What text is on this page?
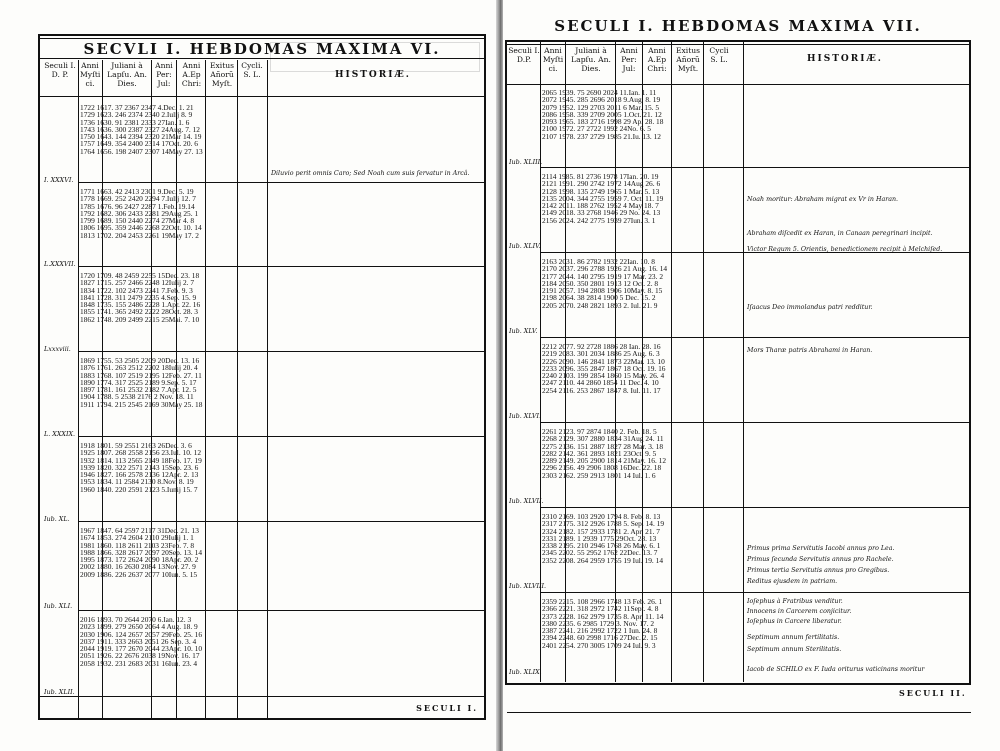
SECVLI I. HEBDOMAS MAXIMA VI.
Seculi I. D. P.
Anni Myſti ci.
Juliani à Lapſu. An. Dies.
Anni Per: Jul:
Anni A.Ep Chri:
Exitus Añorũ Myſt.
Cycli. S. L.	HISTORIÆ.
1722 1617. 37 2367 2347 4.Dec. 1. 21
1729 1623. 246 2374 2340 2.Iulij 8. 9
1736 1630. 91 2381 2333 27Ian. 1. 6
1743 1636. 300 2387 2327 24Aug. 7. 12
1750 1643. 144 2394 2320 21Mar 14. 19
1757 1649. 354 2400 2314 17Oct. 20. 6
1764 1656. 198 2407 2307 14May 27. 13
I. XXXVI.
Diluvio perit omnis Caro; Sed Noah cum suis ſervatur in Arcâ.
1771 1663. 42 2413 2301 9.Dec. 5. 19
1778 1669. 252 2420 2294 7.Iulij 12. 7
1785 1676. 96 2427 2287 1.Feb. 19.14
1792 1682. 306 2433 2281 29Aug 25. 1
1799 1689. 150 2440 2274 27Mar 4. 8
1806 1695. 359 2446 2268 22Oct. 10. 14
1813 1702. 204 2453 2261 19May 17. 2
L.XXXVII.
1720 1709. 48 2459 2255 15Dec. 23. 18
1827 1715. 257 2466 2248 12Iulij 2. 7
1834 1722. 102 2473 2241 7.Feb. 9. 3
1841 1728. 311 2479 2235 4.Sep. 15. 9
1848 1735. 155 2486 2228 1.Apr. 22. 16
1855 1741. 365 2492 2222 28Oct. 28. 3
1862 1748. 209 2499 2215 25Mai. 7. 10
Lxxxviii.
1869 1755. 53 2505 2209 20Dec. 13. 16
1876 1761. 263 2512 2202 18Iulij 20. 4
1883 1768. 107 2519 2195 12Feb. 27. 11
1890 1774. 317 2525 2189 9.Sep. 5. 17
1897 1781. 161 2532 2182 7.Apr. 12. 5
1904 1788. 5 2538 2176 2 Nov. 18. 11
1911 1794. 215 2545 2169 30May 25. 18
L. XXXIX.
1918 1801. 59 2551 2163 26Dec. 3. 6
1925 1807. 268 2558 2156 23.Iul. 10. 12
1932 1814. 113 2565 2149 18Feb. 17. 19
1939 1820. 322 2571 2143 15Sep. 23. 6
1946 1827. 166 2578 2136 12Apr. 2. 13
1953 1834. 11 2584 2130 8.Nov. 8. 19
1960 1840. 220 2591 2123 5.Iunij 15. 7
Iub. XL.
1967 1847. 64 2597 2117 31Dec. 21. 13
1674 1853. 274 2604 2110 29Iulij 1. 1
1981 1860. 118 2611 2103 23Feb. 7. 8
1988 1866. 328 2617 2097 20Sep. 13. 14
1995 1873. 172 2624 2090 18Apr. 20. 2
2002 1880. 16 2630 2084 13Nov. 27. 9
2009 1886. 226 2637 2077 10Iun. 5. 15
Iub. XLI.
2016 1893. 70 2644 2070 6.Ian. 12. 3
2023 1899. 279 2650 2064 4 Aug. 18. 9
2030 1906. 124 2657 2057 29Feb. 25. 16
2037 1911. 333 2663 2051 26 Sep. 3. 4
2044 1919. 177 2670 2044 23Apr. 10. 10
2051 1926. 22 2676 2038 19Nov. 16. 17
2058 1932. 231 2683 2031 16Iun. 23. 4
Iub. XLII.
SECULI I.
SECULI I. HEBDOMAS MAXIMA VII.
Seculi I. D.P.
Anni Myſti ci.
Juliani à Lapſu. An. Dies.
Anni Per: Jul:
Anni A.Ep Chri:
Exitus Añorũ Myſt.
Cycli S. L.	HISTORIÆ.
2065 1939. 75 2690 2024 11.Ian. 1. 11
2072 1945. 285 2696 2018 9.Aug. 8. 19
2079 1952. 129 2703 2011 6 Mar. 15. 5
2086 1958. 339 2709 2005 1.Oct. 21. 12
2093 1965. 183 2716 1998 29 Ap. 28. 18
2100 1972. 27 2722 1992 24No. 6. 5
2107 1978. 237 2729 1985 21.Iu. 13. 12
Iub. XLIII.
2114 1985. 81 2736 1978 17Ian. 20. 19
2121 1991. 290 2742 1972 14Aug 26. 6
2128 1998. 135 2749 1965 1 Mar. 5. 13
2135 2004. 344 2755 1959 7. Oct. 11. 19
2142 2011. 188 2762 1952 4 May 18. 7
2149 2018. 33 2768 1946 29 No. 24. 13
2156 2024. 242 2775 1939 27Iun. 3. 1
Iub. XLIV.
Noah moritur: Abraham migrat ex Vr in Haran.
Abraham diſcedit ex Haran, in Canaan peregrinari incipit.
Victor Regum 5. Orientis, benedictionem recipit à Melchiſed.
2163 2031. 86 2782 1932 22Ian. 10. 8
2170 2037. 296 2788 1926 21 Aug. 16. 14
2177 2044. 140 2795 1919 17 Mar. 23. 2
2184 2050. 350 2801 1913 12 Oct. 2. 8
2191 2057. 194 2808 1906 10May. 8. 15
2198 2064. 38 2814 1900 5 Dec. 15. 2
2205 2070. 248 2821 1893 2. Iul. 21. 9
Iub. XLV.
Iſaacus Deo immolandus patri redditur.
2212 2077. 92 2728 1886 28 Ian. 28. 16
2219 2083. 301 2034 1886 25 Aug. 6. 3
2226 2090. 146 2841 1873 22Mar. 13. 10
2233 2096. 355 2847 1867 18 Oct. 19. 16
2240 2103. 199 2854 1860 15 May. 26. 4
2247 2110. 44 2860 1854 11 Dec. 4. 10
2254 2116. 253 2867 1847 8. Iul. 11. 17
Iub. XLVI.
Mors Tharæ patris Abrahami in Haran.
2261 2123. 97 2874 1840 2. Feb. 18. 5
2268 2129. 307 2880 1834 31Aug 24. 11
2275 2136. 151 2887 1827 28 Mar. 3. 18
2282 2142. 361 2893 1821 23Oct. 9. 5
2289 2149. 205 2900 1814 21May. 16. 12
2296 2156. 49 2906 1808 16Dec. 22. 18
2303 2162. 259 2913 1801 14 Iul. 1. 6
Iub. XLVII.
2310 2169. 103 2920 1794 8. Feb. 8. 13
2317 2175. 312 2926 1788 5. Sep. 14. 19
2324 2182. 157 2933 1781 2. Apr. 21. 7
2331 2189. 1 2939 1775 29Oct. 28. 13
2338 2195. 210 2946 1768 26 May. 6. 1
2345 2202. 55 2952 1762 22Dec. 13. 7
2352 2208. 264 2959 1755 19 Iul. 19. 14
Iub. XLVIII.
Primus prima Servitutis Iacobi annus pro Lea.
Primus ſecunda Servitutis annus pro Rachele.
Primus tertia Servitutis annus pro Gregibus.
Reditus ejusdem in patriam.
2359 2215. 108 2966 1748 13 Feb. 26. 1
2366 2221. 318 2972 1742 11Sept. 4. 8
2373 2228. 162 2979 1735 8. Apr. 11. 14
2380 2235. 6 2985 1729 3. Nov. 17. 2
2387 2241. 216 2992 1722 1 Iun. 24. 8
2394 2248. 60 2998 1716 27Dec. 2. 15
2401 2254. 270 3005 1709 24 Iul. 9. 3
Iub. XLIX.
Ioſephus à Fratribus venditur.
Innocens in Carcerem conjicitur.
Ioſephus in Carcere liberatur.
Septimum annum fertilitatis.
Septimum annum Sterilitatis.
Iacob de SCHILO ex F. Iuda oriturus vaticinans moritur
SECULI II.
